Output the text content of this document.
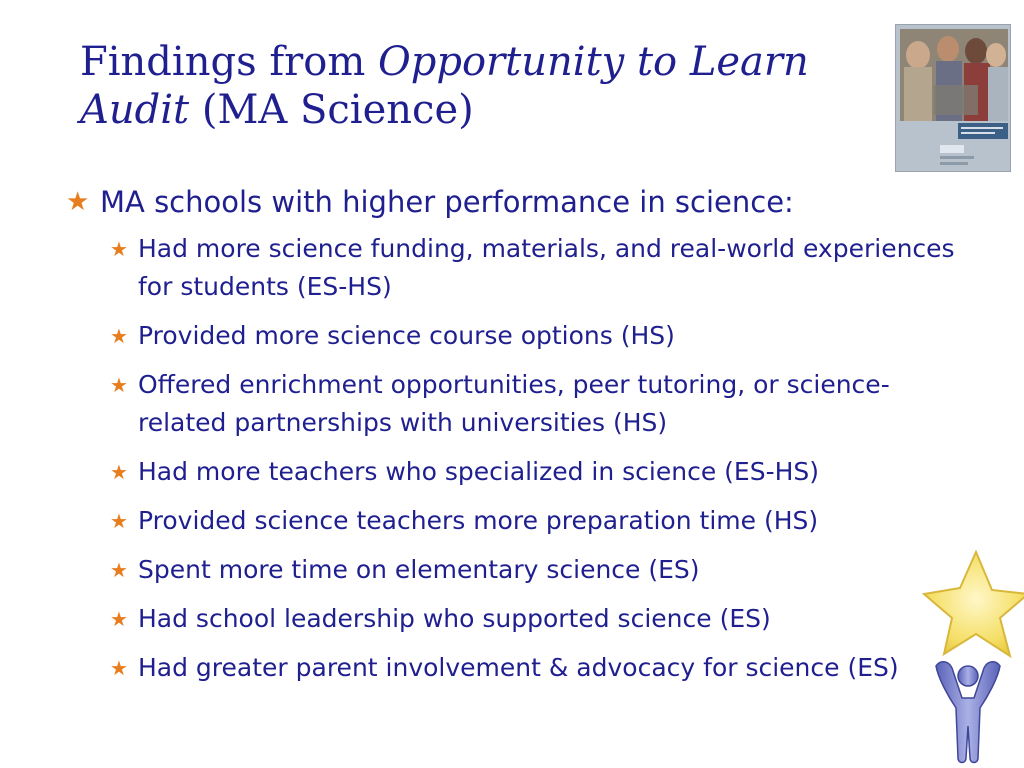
Findings from Opportunity to Learn Audit (MA Science)
★ MA schools with higher performance in science:
★ Had more science funding, materials, and real-world experiences for students (ES-HS)
★ Provided more science course options (HS)
★ Offered enrichment opportunities, peer tutoring, or science-related partnerships with universities (HS)
★ Had more teachers who specialized in science (ES-HS)
★ Provided science teachers more preparation time (HS)
★ Spent more time on elementary science (ES)
★ Had school leadership who supported science (ES)
★ Had greater parent involvement & advocacy for science (ES)
